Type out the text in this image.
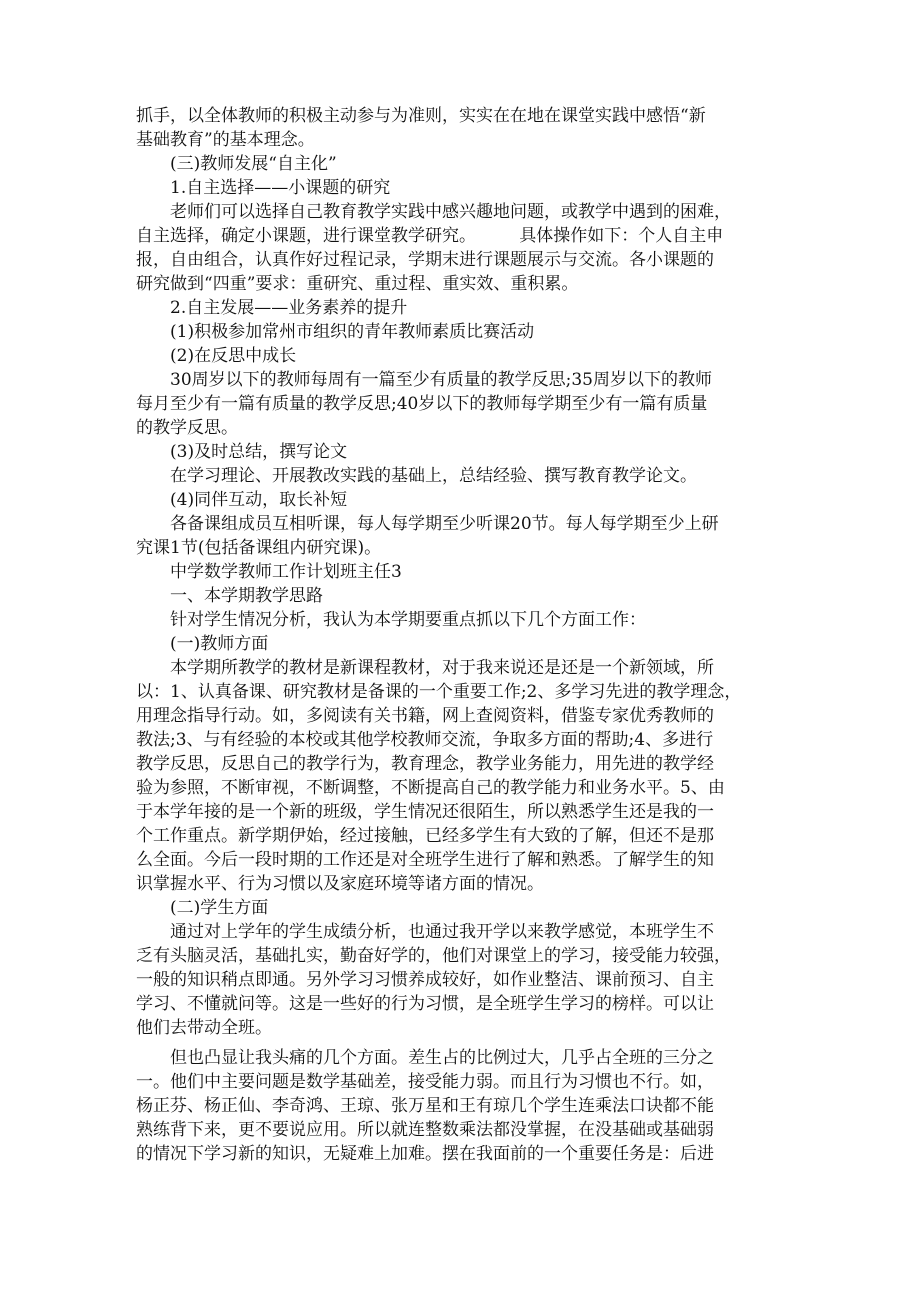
抓手，以全体教师的积极主动参与为准则，实实在在地在课堂实践中感悟“新
基础教育”的基本理念。
(三)教师发展“自主化”
1.自主选择——小课题的研究
老师们可以选择自己教育教学实践中感兴趣地问题，或教学中遇到的困难，
自主选择，确定小课题，进行课堂教学研究。        具体操作如下：个人自主申
报，自由组合，认真作好过程记录，学期末进行课题展示与交流。各小课题的
研究做到“四重”要求：重研究、重过程、重实效、重积累。
2.自主发展——业务素养的提升
(1)积极参加常州市组织的青年教师素质比赛活动
(2)在反思中成长
30周岁以下的教师每周有一篇至少有质量的教学反思;35周岁以下的教师
每月至少有一篇有质量的教学反思;40岁以下的教师每学期至少有一篇有质量
的教学反思。
(3)及时总结，撰写论文
在学习理论、开展教改实践的基础上，总结经验、撰写教育教学论文。
(4)同伴互动，取长补短
各备课组成员互相听课，每人每学期至少听课20节。每人每学期至少上研
究课1节(包括备课组内研究课)。
中学数学教师工作计划班主任3
一、本学期教学思路
针对学生情况分析，我认为本学期要重点抓以下几个方面工作：
(一)教师方面
本学期所教学的教材是新课程教材，对于我来说还是还是一个新领域，所
以：1、认真备课、研究教材是备课的一个重要工作;2、多学习先进的教学理念，
用理念指导行动。如，多阅读有关书籍，网上查阅资料，借鉴专家优秀教师的
教法;3、与有经验的本校或其他学校教师交流，争取多方面的帮助;4、多进行
教学反思，反思自己的教学行为，教育理念，教学业务能力，用先进的教学经
验为参照，不断审视，不断调整，不断提高自己的教学能力和业务水平。5、由
于本学年接的是一个新的班级，学生情况还很陌生，所以熟悉学生还是我的一
个工作重点。新学期伊始，经过接触，已经多学生有大致的了解，但还不是那
么全面。今后一段时期的工作还是对全班学生进行了解和熟悉。了解学生的知
识掌握水平、行为习惯以及家庭环境等诸方面的情况。
(二)学生方面
通过对上学年的学生成绩分析，也通过我开学以来教学感觉，本班学生不
乏有头脑灵活，基础扎实，勤奋好学的，他们对课堂上的学习，接受能力较强，
一般的知识稍点即通。另外学习习惯养成较好，如作业整洁、课前预习、自主
学习、不懂就问等。这是一些好的行为习惯，是全班学生学习的榜样。可以让
他们去带动全班。
但也凸显让我头痛的几个方面。差生占的比例过大，几乎占全班的三分之
一。他们中主要问题是数学基础差，接受能力弱。而且行为习惯也不行。如，
杨正芬、杨正仙、李奇鸿、王琼、张万星和王有琼几个学生连乘法口诀都不能
熟练背下来，更不要说应用。所以就连整数乘法都没掌握，在没基础或基础弱
的情况下学习新的知识，无疑难上加难。摆在我面前的一个重要任务是：后进
